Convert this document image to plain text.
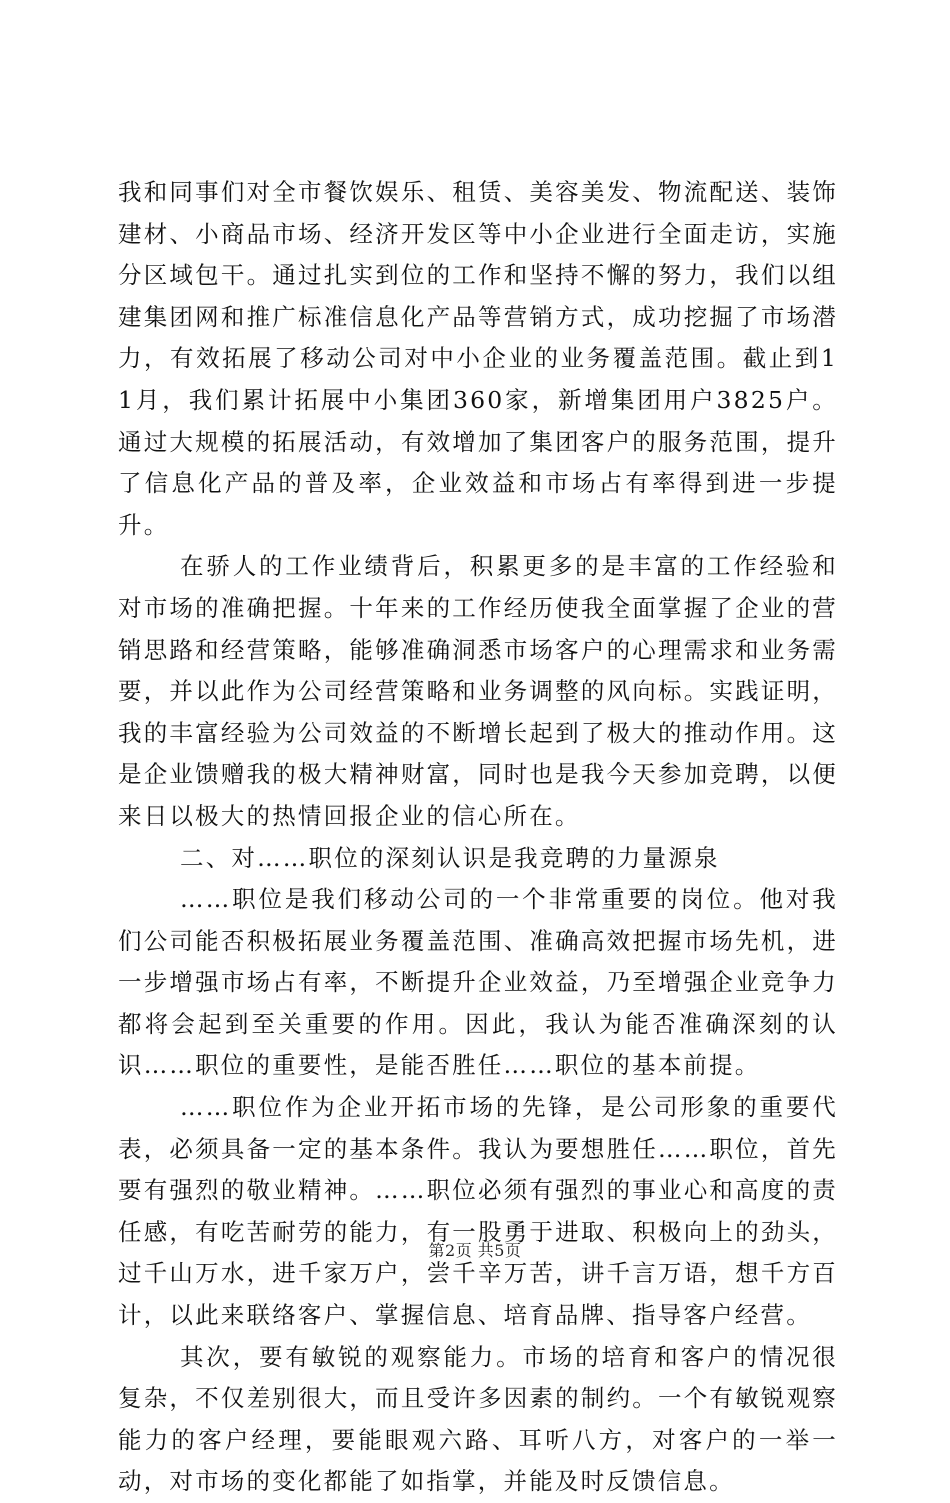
我和同事们对全市餐饮娱乐、租赁、美容美发、物流配送、装饰建材、小商品市场、经济开发区等中小企业进行全面走访，实施分区域包干。通过扎实到位的工作和坚持不懈的努力，我们以组建集团网和推广标准信息化产品等营销方式，成功挖掘了市场潜力，有效拓展了移动公司对中小企业的业务覆盖范围。截止到11月，我们累计拓展中小集团360家，新增集团用户3825户。通过大规模的拓展活动，有效增加了集团客户的服务范围，提升了信息化产品的普及率，企业效益和市场占有率得到进一步提升。

在骄人的工作业绩背后，积累更多的是丰富的工作经验和对市场的准确把握。十年来的工作经历使我全面掌握了企业的营销思路和经营策略，能够准确洞悉市场客户的心理需求和业务需要，并以此作为公司经营策略和业务调整的风向标。实践证明，我的丰富经验为公司效益的不断增长起到了极大的推动作用。这是企业馈赠我的极大精神财富，同时也是我今天参加竞聘，以便来日以极大的热情回报企业的信心所在。

二、对……职位的深刻认识是我竞聘的力量源泉

……职位是我们移动公司的一个非常重要的岗位。他对我们公司能否积极拓展业务覆盖范围、准确高效把握市场先机，进一步增强市场占有率，不断提升企业效益，乃至增强企业竞争力都将会起到至关重要的作用。因此，我认为能否准确深刻的认识……职位的重要性，是能否胜任……职位的基本前提。

……职位作为企业开拓市场的先锋，是公司形象的重要代表，必须具备一定的基本条件。我认为要想胜任……职位，首先要有强烈的敬业精神。……职位必须有强烈的事业心和高度的责任感，有吃苦耐劳的能力，有一股勇于进取、积极向上的劲头，过千山万水，进千家万户，尝千辛万苦，讲千言万语，想千方百计，以此来联络客户、掌握信息、培育品牌、指导客户经营。

其次，要有敏锐的观察能力。市场的培育和客户的情况很复杂，不仅差别很大，而且受许多因素的制约。一个有敏锐观察能力的客户经理，要能眼观六路、耳听八方，对客户的一举一动，对市场的变化都能了如指掌，并能及时反馈信息。

第2页 共5页
